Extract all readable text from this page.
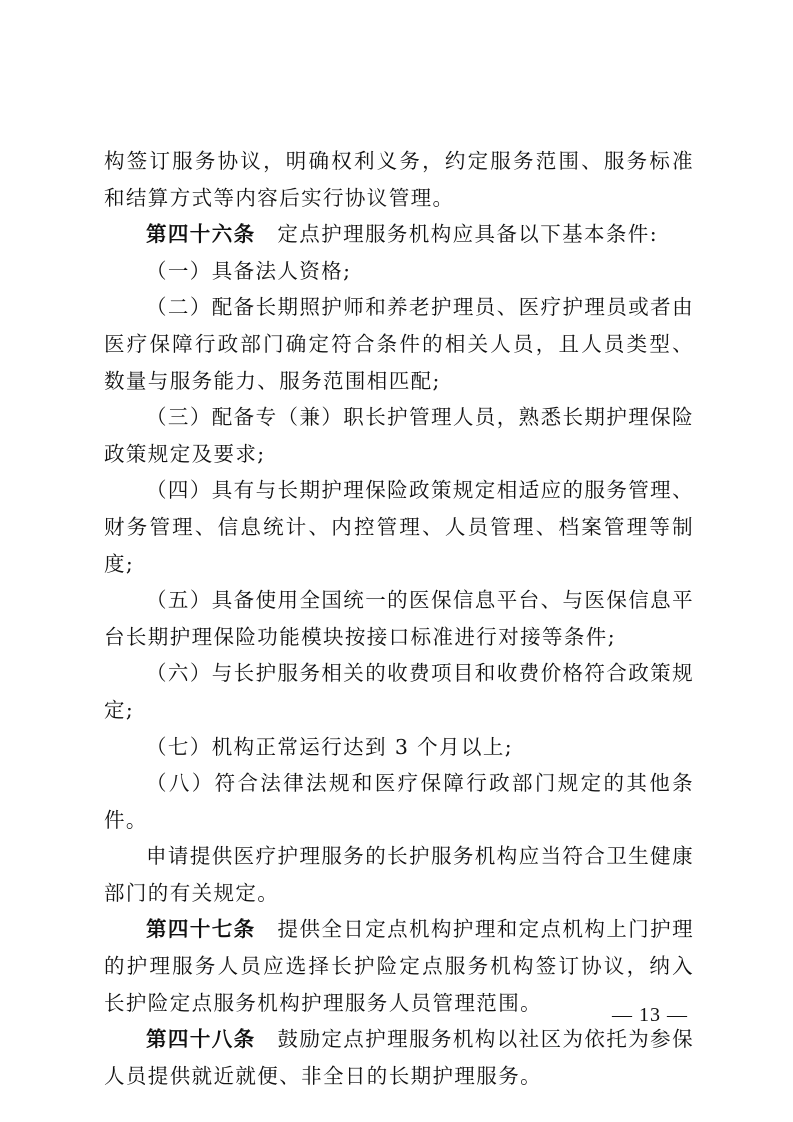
构签订服务协议，明确权利义务，约定服务范围、服务标准和结算方式等内容后实行协议管理。

第四十六条　定点护理服务机构应具备以下基本条件:

（一）具备法人资格;

（二）配备长期照护师和养老护理员、医疗护理员或者由医疗保障行政部门确定符合条件的相关人员，且人员类型、数量与服务能力、服务范围相匹配;

（三）配备专（兼）职长护管理人员，熟悉长期护理保险政策规定及要求;

（四）具有与长期护理保险政策规定相适应的服务管理、财务管理、信息统计、内控管理、人员管理、档案管理等制度;

（五）具备使用全国统一的医保信息平台、与医保信息平台长期护理保险功能模块按接口标准进行对接等条件;

（六）与长护服务相关的收费项目和收费价格符合政策规定;

（七）机构正常运行达到 3 个月以上;

（八）符合法律法规和医疗保障行政部门规定的其他条件。

申请提供医疗护理服务的长护服务机构应当符合卫生健康部门的有关规定。

第四十七条　提供全日定点机构护理和定点机构上门护理的护理服务人员应选择长护险定点服务机构签订协议，纳入长护险定点服务机构护理服务人员管理范围。

第四十八条　鼓励定点护理服务机构以社区为依托为参保人员提供就近就便、非全日的长期护理服务。

— 13 —
